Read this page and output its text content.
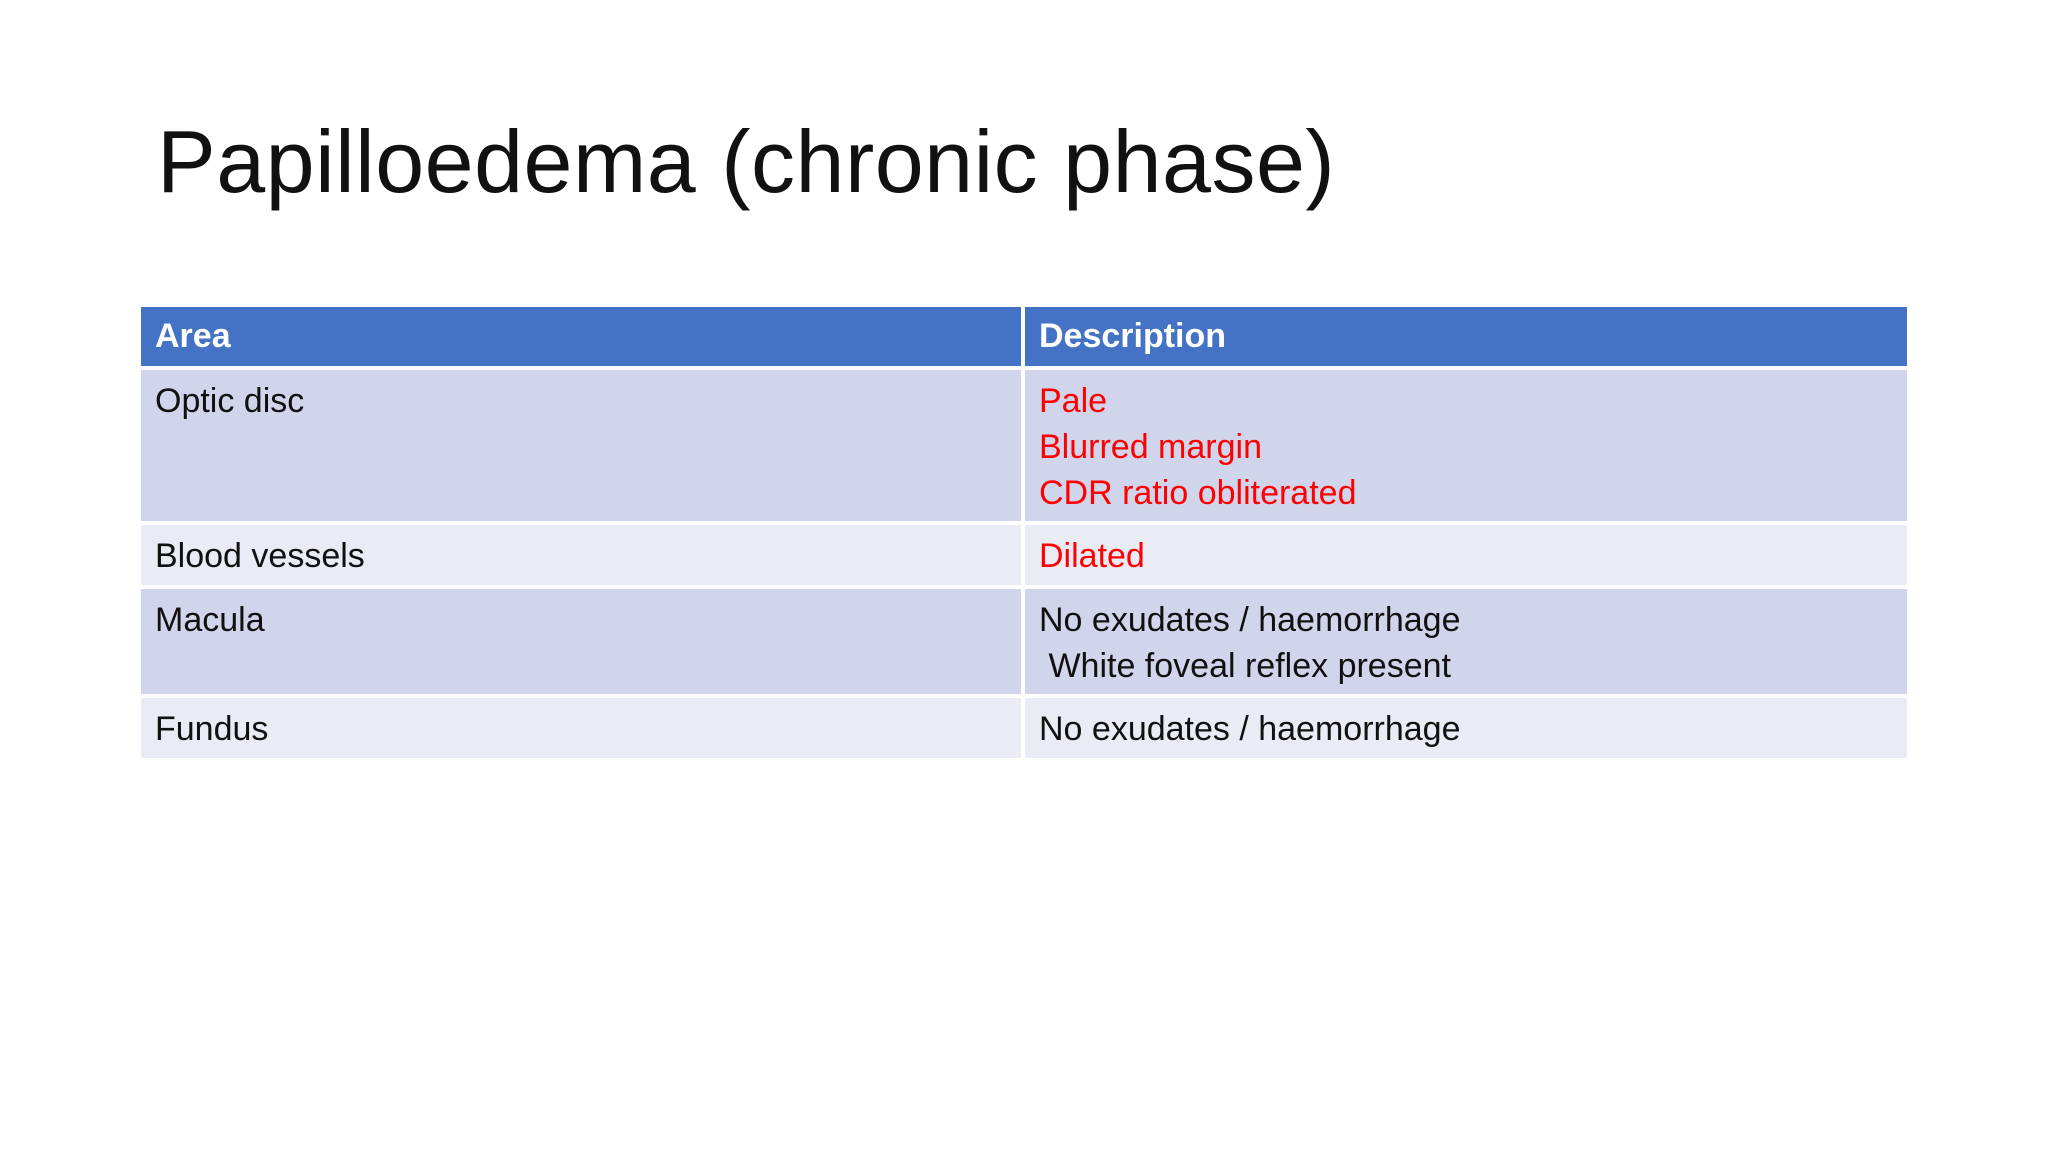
Papilloedema (chronic phase)
Area	Description
Optic disc	Pale
Blurred margin
CDR ratio obliterated
Blood vessels	Dilated
Macula	No exudates / haemorrhage
White foveal reflex present
Fundus	No exudates / haemorrhage
